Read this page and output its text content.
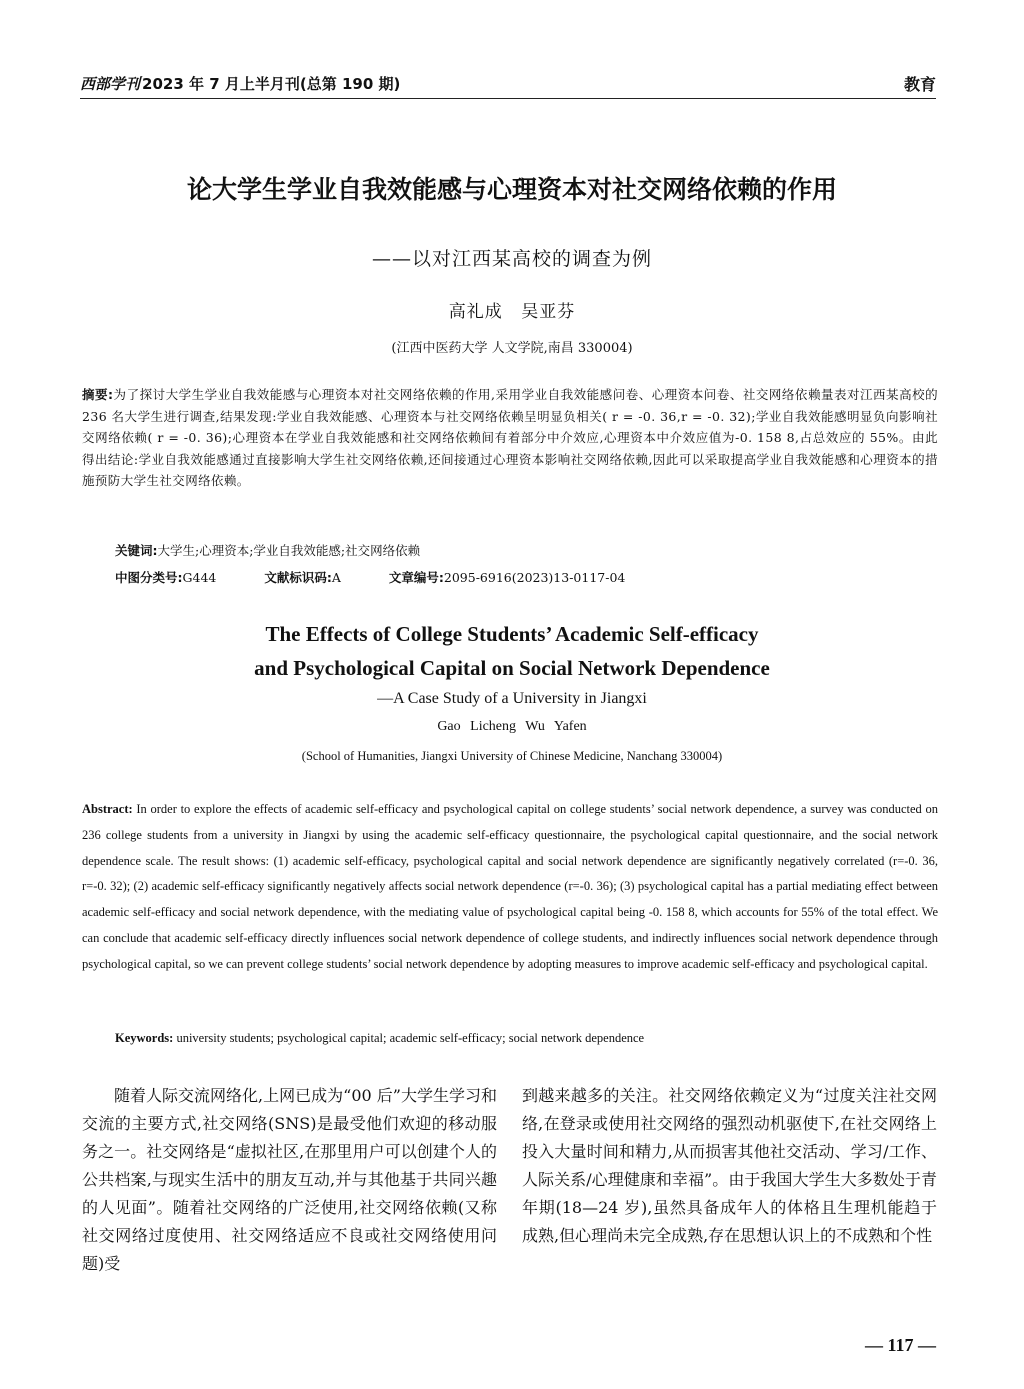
西部学刊 2023 年 7 月上半月刊(总第 190 期)	教育
论大学生学业自我效能感与心理资本对社交网络依赖的作用
——以对江西某高校的调查为例
高礼成 吴亚芬
(江西中医药大学 人文学院,南昌 330004)
摘要:为了探讨大学生学业自我效能感与心理资本对社交网络依赖的作用,采用学业自我效能感问卷、心理资本问卷、社交网络依赖量表对江西某高校的 236 名大学生进行调查,结果发现:学业自我效能感、心理资本与社交网络依赖呈明显负相关( r = -0. 36,r = -0. 32);学业自我效能感明显负向影响社交网络依赖( r = -0. 36);心理资本在学业自我效能感和社交网络依赖间有着部分中介效应,心理资本中介效应值为-0. 158 8,占总效应的 55%。由此得出结论:学业自我效能感通过直接影响大学生社交网络依赖,还间接通过心理资本影响社交网络依赖,因此可以采取提高学业自我效能感和心理资本的措施预防大学生社交网络依赖。
关键词:大学生;心理资本;学业自我效能感;社交网络依赖
中图分类号:G444	文献标识码:A	文章编号:2095-6916(2023)13-0117-04
The Effects of College Students’ Academic Self-efficacy
and Psychological Capital on Social Network Dependence
—A Case Study of a University in Jiangxi
Gao Licheng Wu Yafen
(School of Humanities, Jiangxi University of Chinese Medicine, Nanchang 330004)
Abstract: In order to explore the effects of academic self-efficacy and psychological capital on college students’ social network dependence, a survey was conducted on 236 college students from a university in Jiangxi by using the academic self-efficacy questionnaire, the psychological capital questionnaire, and the social network dependence scale. The result shows: (1) academic self-efficacy, psychological capital and social network dependence are significantly negatively correlated (r=-0. 36, r=-0. 32); (2) academic self-efficacy significantly negatively affects social network dependence (r=-0. 36); (3) psychological capital has a partial mediating effect between academic self-efficacy and social network dependence, with the mediating value of psychological capital being -0. 158 8, which accounts for 55% of the total effect. We can conclude that academic self-efficacy directly influences social network dependence of college students, and indirectly influences social network dependence through psychological capital, so we can prevent college students’ social network dependence by adopting measures to improve academic self-efficacy and psychological capital.
Keywords: university students; psychological capital; academic self-efficacy; social network dependence
随着人际交流网络化,上网已成为“00 后”大学生学习和交流的主要方式,社交网络(SNS)是最受他们欢迎的移动服务之一。社交网络是“虚拟社区,在那里用户可以创建个人的公共档案,与现实生活中的朋友互动,并与其他基于共同兴趣的人见面”。随着社交网络的广泛使用,社交网络依赖(又称社交网络过度使用、社交网络适应不良或社交网络使用问题)受
到越来越多的关注。社交网络依赖定义为“过度关注社交网络,在登录或使用社交网络的强烈动机驱使下,在社交网络上投入大量时间和精力,从而损害其他社交活动、学习/工作、人际关系/心理健康和幸福”。由于我国大学生大多数处于青年期(18—24 岁),虽然具备成年人的体格且生理机能趋于成熟,但心理尚未完全成熟,存在思想认识上的不成熟和个性
— 117 —
